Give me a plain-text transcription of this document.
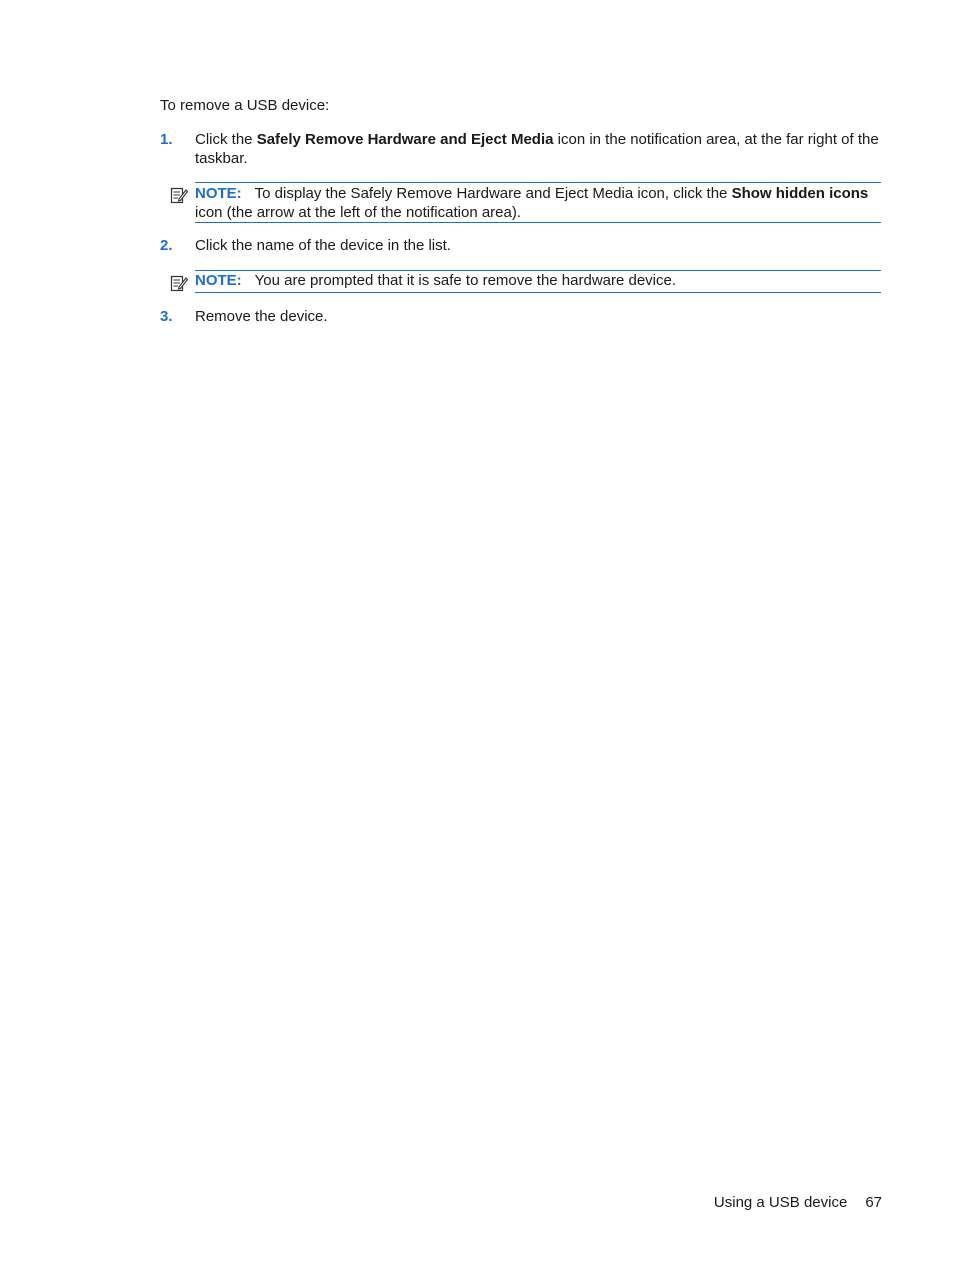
To remove a USB device:
1. Click the Safely Remove Hardware and Eject Media icon in the notification area, at the far right of the taskbar.
NOTE: To display the Safely Remove Hardware and Eject Media icon, click the Show hidden icons icon (the arrow at the left of the notification area).
2. Click the name of the device in the list.
NOTE: You are prompted that it is safe to remove the hardware device.
3. Remove the device.
Using a USB device 67
